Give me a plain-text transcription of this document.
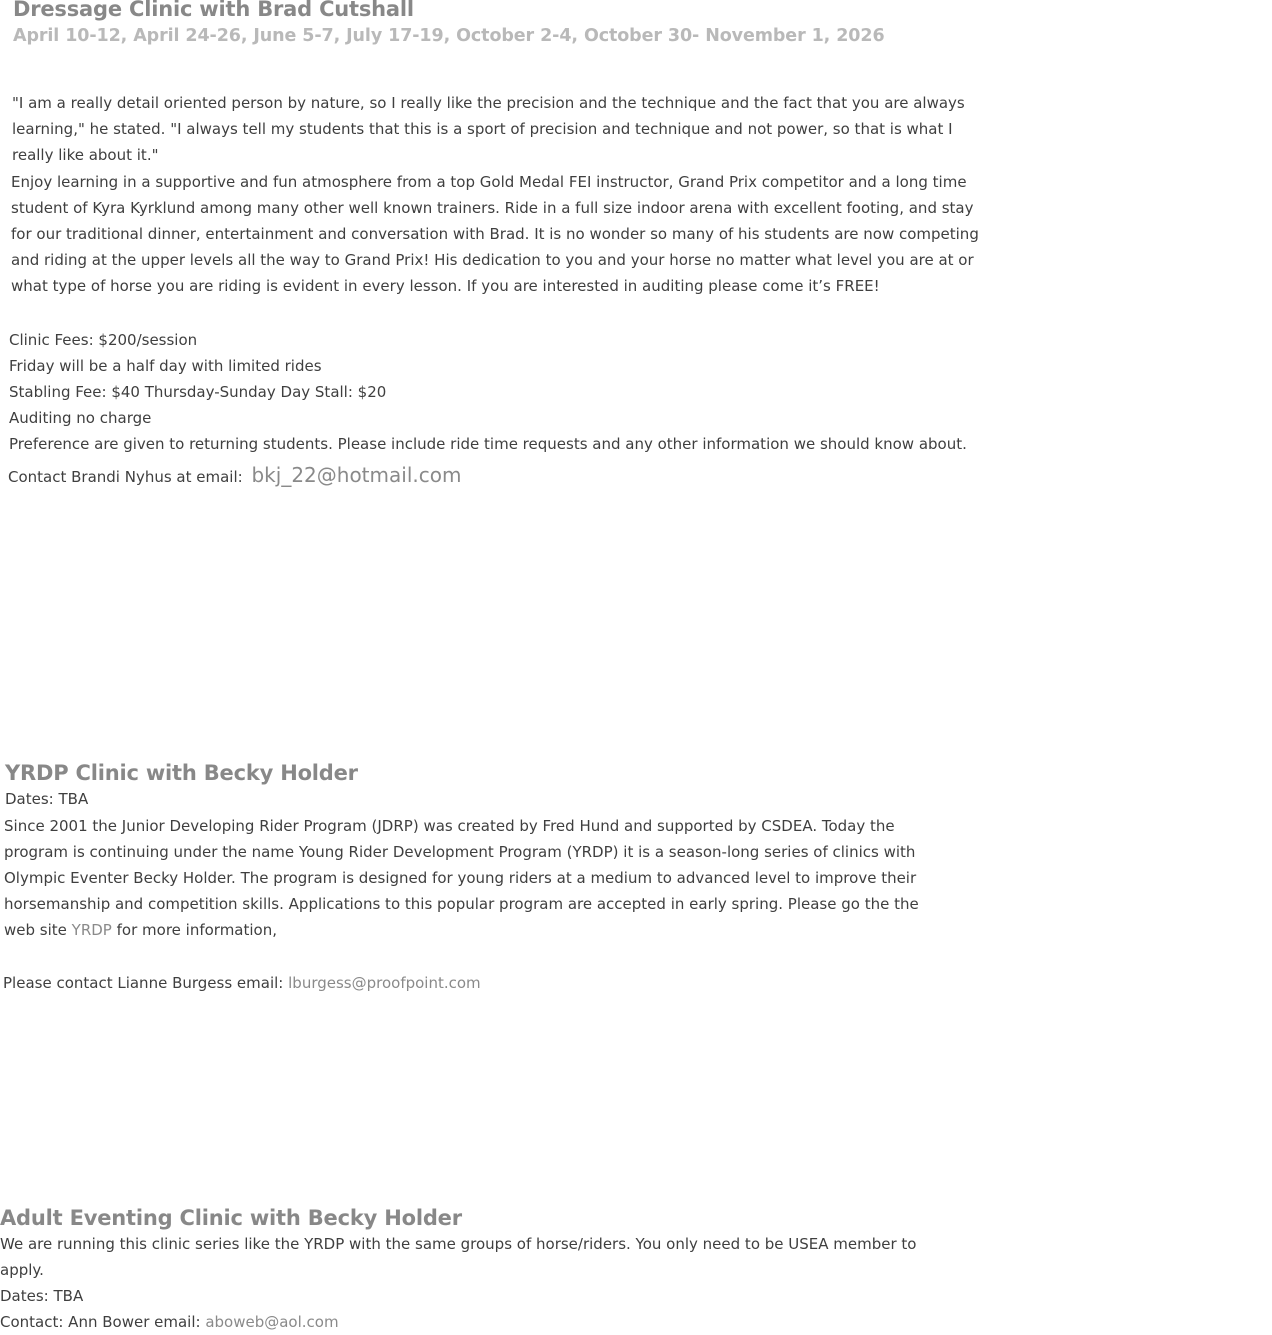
Dressage Clinic with Brad Cutshall
April 10-12, April 24-26, June 5-7, July 17-19, October 2-4, October 30- November 1, 2026
"I am a really detail oriented person by nature, so I really like the precision and the technique and the fact that you are always
learning," he stated. "I always tell my students that this is a sport of precision and technique and not power, so that is what I
really like about it."
Enjoy learning in a supportive and fun atmosphere from a top Gold Medal FEI instructor, Grand Prix competitor and a long time
student of Kyra Kyrklund among many other well known trainers. Ride in a full size indoor arena with excellent footing, and stay
for our traditional dinner, entertainment and conversation with Brad. It is no wonder so many of his students are now competing
and riding at the upper levels all the way to Grand Prix! His dedication to you and your horse no matter what level you are at or
what type of horse you are riding is evident in every lesson. If you are interested in auditing please come it’s FREE!
Clinic Fees: $200/session
Friday will be a half day with limited rides
Stabling Fee: $40 Thursday-Sunday Day Stall: $20
Auditing no charge
Preference are given to returning students. Please include ride time requests and any other information we should know about.
Contact Brandi Nyhus at email: bkj_22@hotmail.com
YRDP Clinic with Becky Holder
Dates: TBA
Since 2001 the Junior Developing Rider Program (JDRP) was created by Fred Hund and supported by CSDEA. Today the
program is continuing under the name Young Rider Development Program (YRDP) it is a season-long series of clinics with
Olympic Eventer Becky Holder. The program is designed for young riders at a medium to advanced level to improve their
horsemanship and competition skills. Applications to this popular program are accepted in early spring. Please go the the
web site YRDP for more information,
Please contact Lianne Burgess email: lburgess@proofpoint.com
Adult Eventing Clinic with Becky Holder
We are running this clinic series like the YRDP with the same groups of horse/riders. You only need to be USEA member to
apply.
Dates: TBA
Contact: Ann Bower email: aboweb@aol.com
